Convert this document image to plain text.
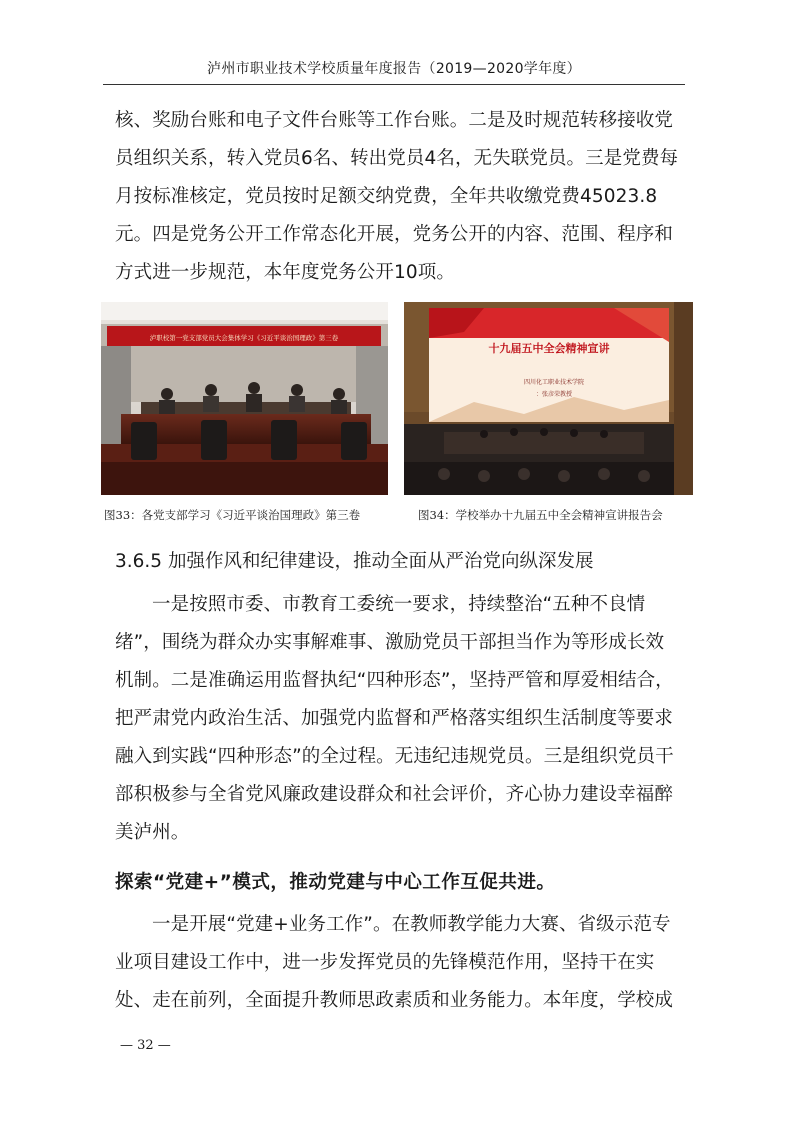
泸州市职业技术学校质量年度报告（2019—2020学年度）

核、奖励台账和电子文件台账等工作台账。二是及时规范转移接收党员组织关系，转入党员6名、转出党员4名，无失联党员。三是党费每月按标准核定，党员按时足额交纳党费，全年共收缴党费45023.8元。四是党务公开工作常态化开展，党务公开的内容、范围、程序和方式进一步规范，本年度党务公开10项。

泸职校第一党支部党员大会集体学习《习近平谈治国理政》第三卷
十九届五中全会精神宣讲
四川化工职业技术学院
：张彦荣教授
图33：各党支部学习《习近平谈治国理政》第三卷	图34：学校举办十九届五中全会精神宣讲报告会

3.6.5 加强作风和纪律建设，推动全面从严治党向纵深发展

一是按照市委、市教育工委统一要求，持续整治“五种不良情绪”，围绕为群众办实事解难事、激励党员干部担当作为等形成长效机制。二是准确运用监督执纪“四种形态”，坚持严管和厚爱相结合，把严肃党内政治生活、加强党内监督和严格落实组织生活制度等要求融入到实践“四种形态”的全过程。无违纪违规党员。三是组织党员干部积极参与全省党风廉政建设群众和社会评价，齐心协力建设幸福醉美泸州。

探索“党建+”模式，推动党建与中心工作互促共进。

一是开展“党建+业务工作”。在教师教学能力大赛、省级示范专业项目建设工作中，进一步发挥党员的先锋模范作用，坚持干在实处、走在前列，全面提升教师思政素质和业务能力。本年度，学校成

— 32 —
